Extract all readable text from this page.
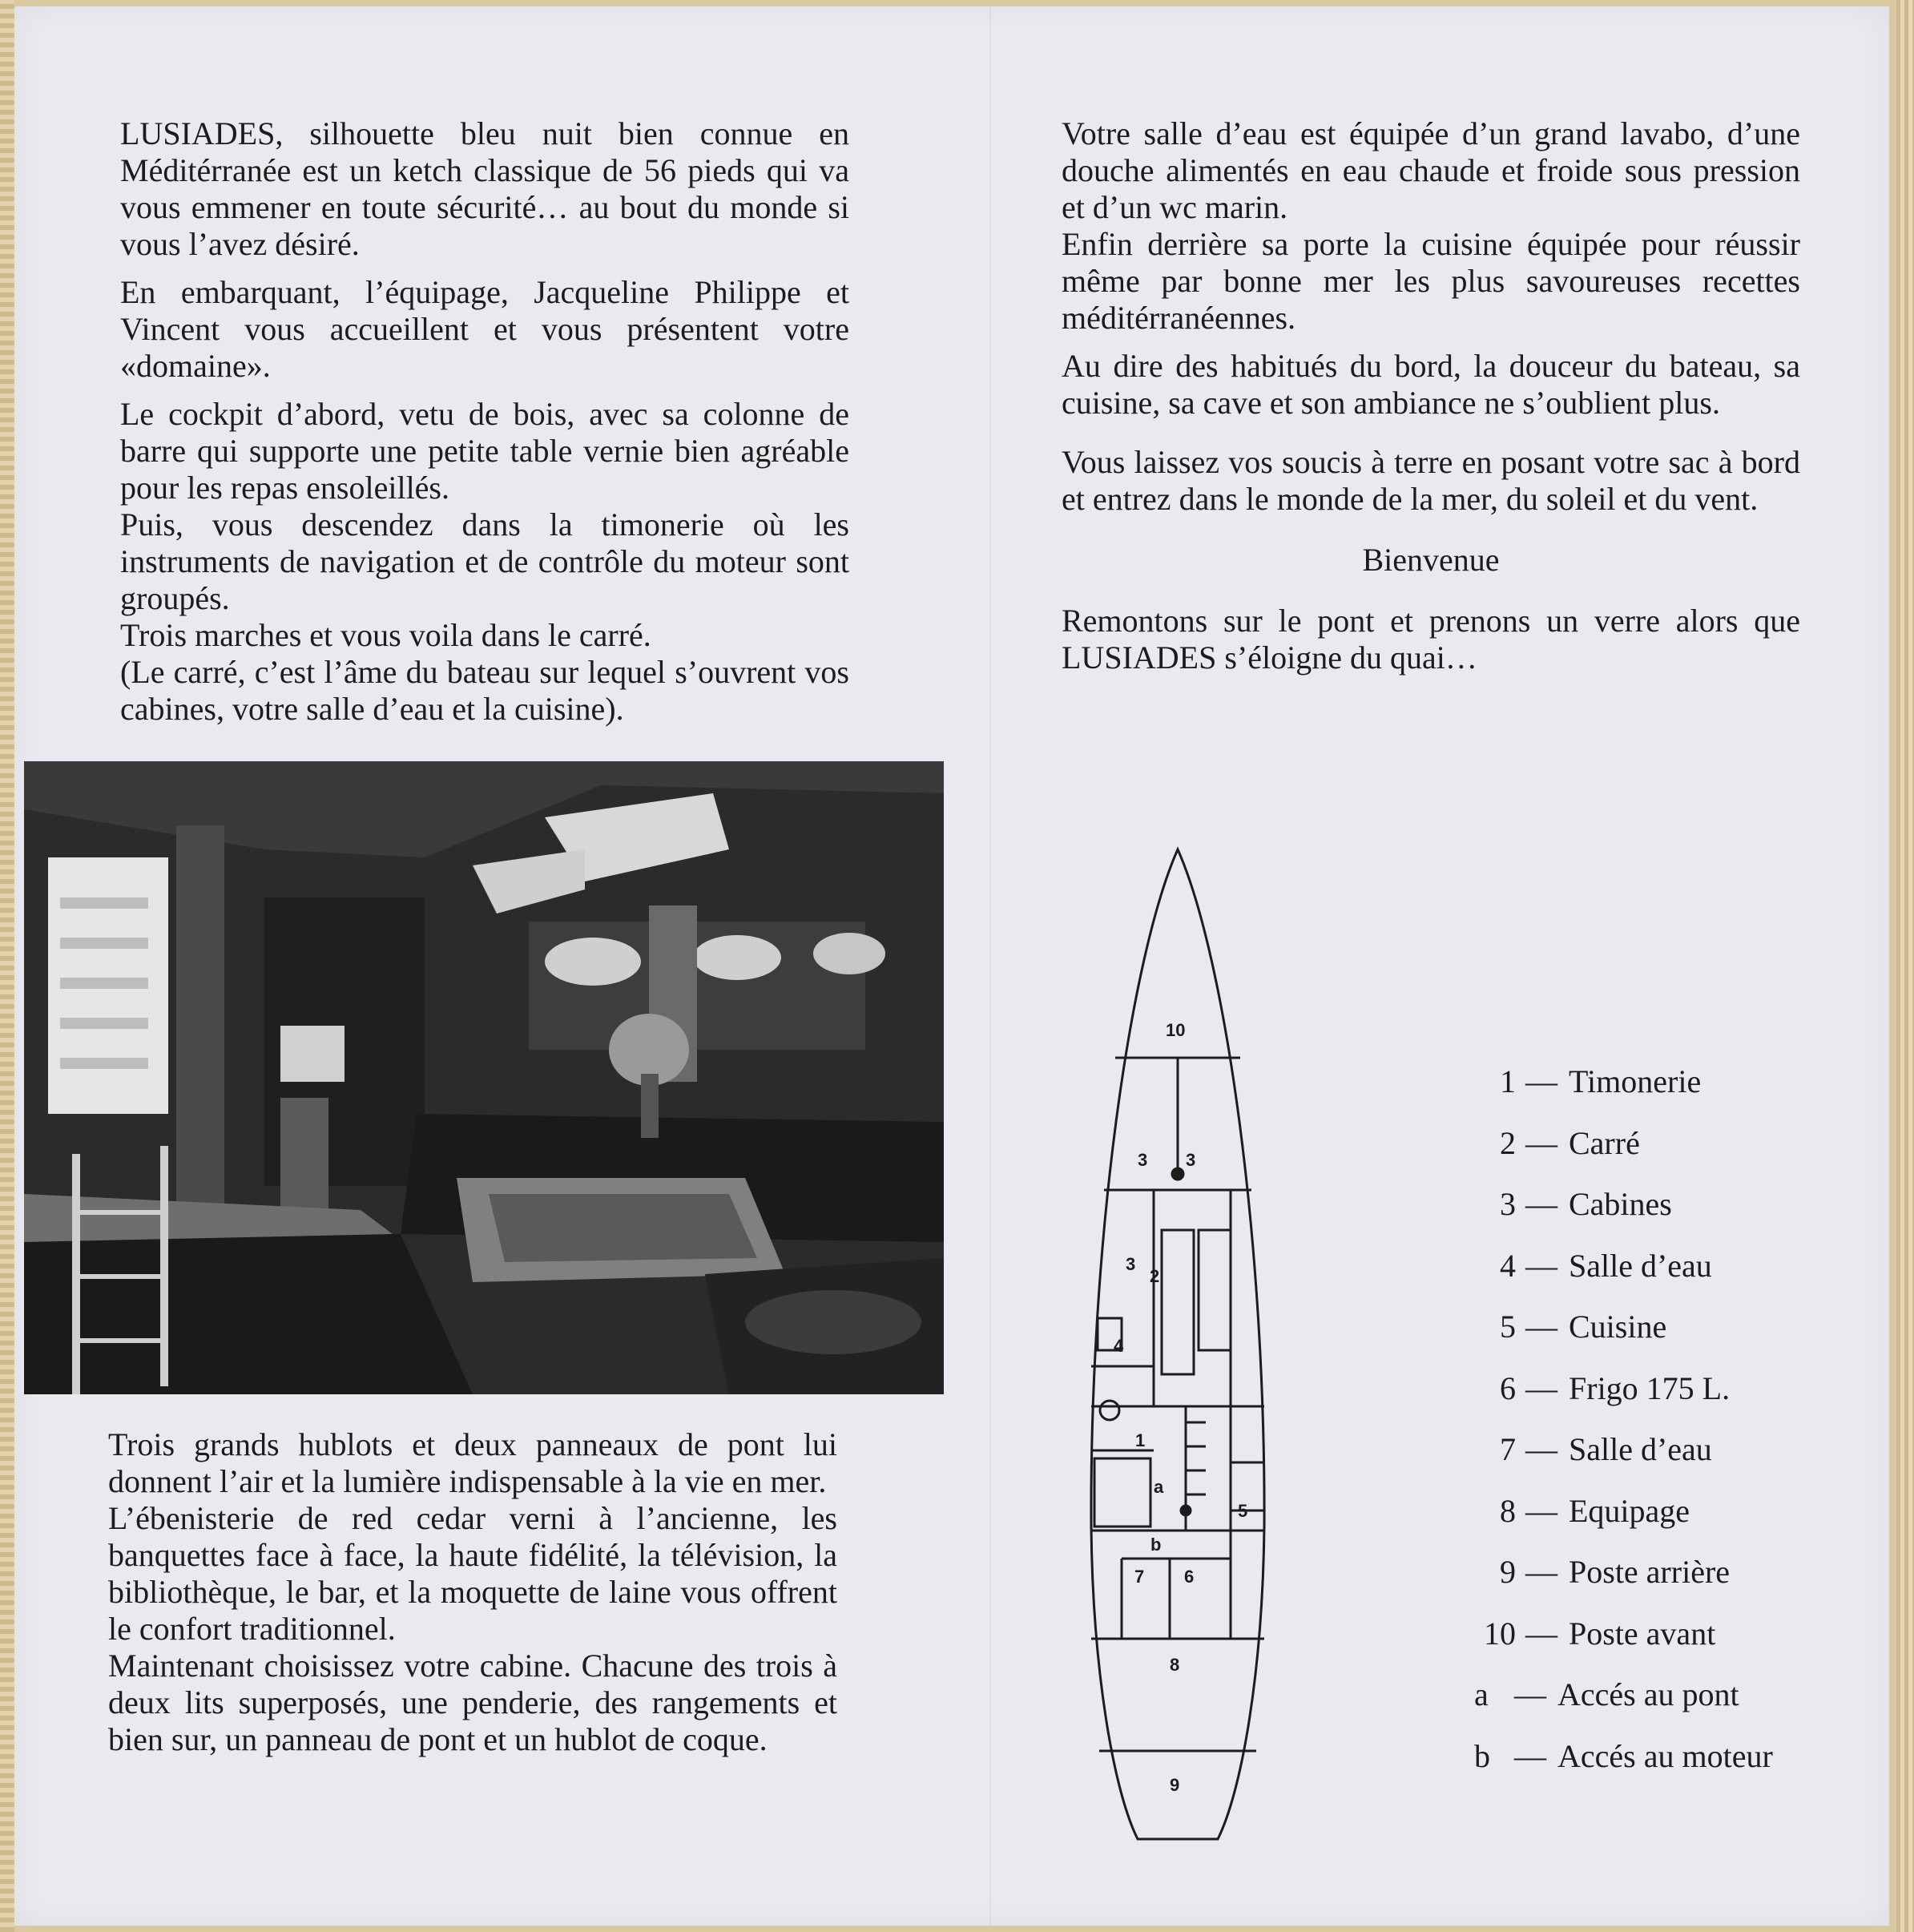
LUSIADES, silhouette bleu nuit bien connue en Méditérranée est un ketch classique de 56 pieds qui va vous emmener en toute sécurité… au bout du monde si vous l’avez désiré.

En embarquant, l’équipage, Jacqueline Philippe et Vincent vous accueillent et vous présentent votre «domaine».

Le cockpit d’abord, vetu de bois, avec sa colonne de barre qui supporte une petite table vernie bien agréable pour les repas ensoleillés.

Puis, vous descendez dans la timonerie où les instruments de navigation et de contrôle du moteur sont groupés.

Trois marches et vous voila dans le carré.

(Le carré, c’est l’âme du bateau sur lequel s’ouvrent vos cabines, votre salle d’eau et la cuisine).

Trois grands hublots et deux panneaux de pont lui donnent l’air et la lumière indispensable à la vie en mer.

L’ébenisterie de red cedar verni à l’ancienne, les banquettes face à face, la haute fidélité, la télévision, la bibliothèque, le bar, et la moquette de laine vous offrent le confort traditionnel.

Maintenant choisissez votre cabine. Chacune des trois à deux lits superposés, une penderie, des rangements et bien sur, un panneau de pont et un hublot de coque.

Votre salle d’eau est équipée d’un grand lavabo, d’une douche alimentés en eau chaude et froide sous pression et d’un wc marin.

Enfin derrière sa porte la cuisine équipée pour réussir même par bonne mer les plus savoureuses recettes méditérranéennes.

Au dire des habitués du bord, la douceur du bateau, sa cuisine, sa cave et son ambiance ne s’oublient plus.

Vous laissez vos soucis à terre en posant votre sac à bord et entrez dans le monde de la mer, du soleil et du vent.

Bienvenue

Remontons sur le pont et prenons un verre alors que LUSIADES s’éloigne du quai…

10
3 3
3
2
4
1
5
a
b
7 6
8
9
1 — Timonerie
2 — Carré
3 — Cabines
4 — Salle d’eau
5 — Cuisine
6 — Frigo 175 L.
7 — Salle d’eau
8 — Equipage
9 — Poste arrière
10 — Poste avant
a — Accés au pont
b — Accés au moteur
